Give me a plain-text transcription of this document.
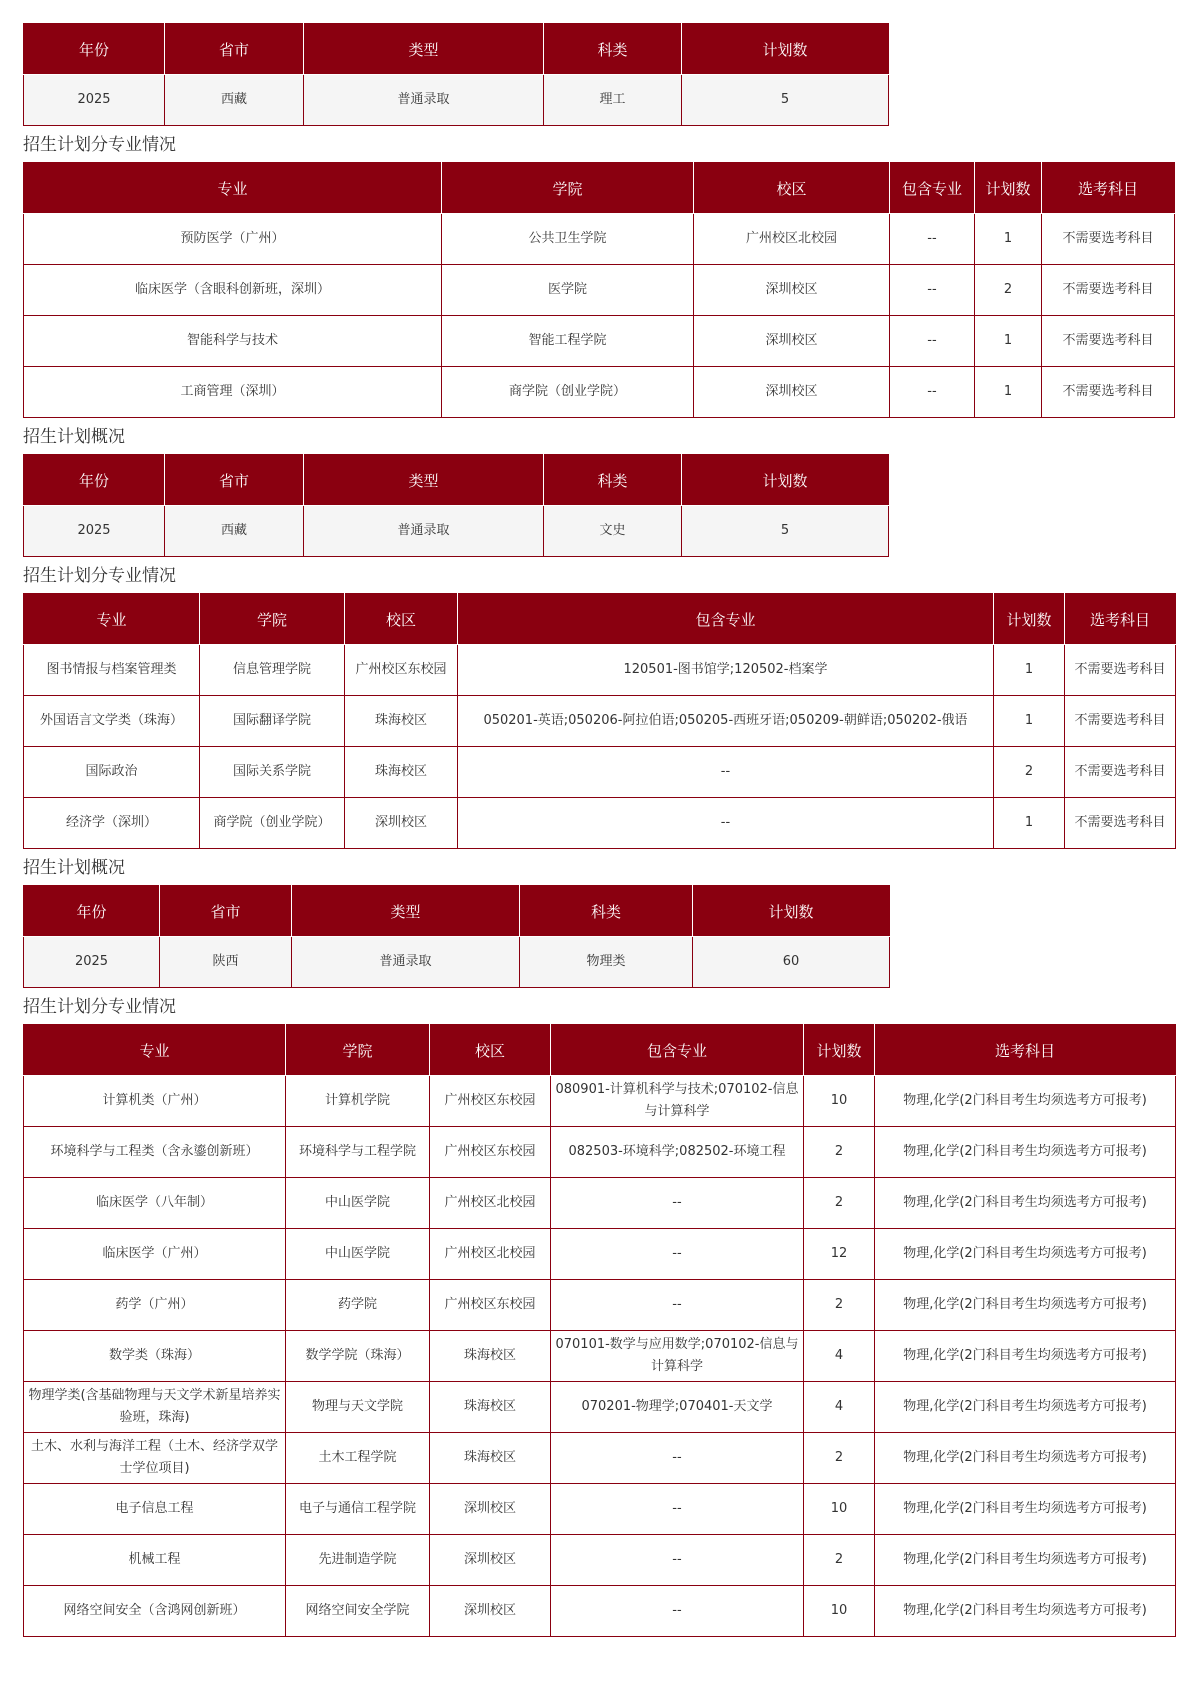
年份	省市	类型	科类	计划数
2025	西藏	普通录取	理工	5
招生计划分专业情况
专业	学院	校区	包含专业	计划数	选考科目
预防医学（广州）	公共卫生学院	广州校区北校园	--	1	不需要选考科目
临床医学（含眼科创新班，深圳）	医学院	深圳校区	--	2	不需要选考科目
智能科学与技术	智能工程学院	深圳校区	--	1	不需要选考科目
工商管理（深圳）	商学院（创业学院）	深圳校区	--	1	不需要选考科目
招生计划概况
年份	省市	类型	科类	计划数
2025	西藏	普通录取	文史	5
招生计划分专业情况
专业	学院	校区	包含专业	计划数	选考科目
图书情报与档案管理类	信息管理学院	广州校区东校园	120501-图书馆学;120502-档案学	1	不需要选考科目
外国语言文学类（珠海）	国际翻译学院	珠海校区	050201-英语;050206-阿拉伯语;050205-西班牙语;050209-朝鲜语;050202-俄语	1	不需要选考科目
国际政治	国际关系学院	珠海校区	--	2	不需要选考科目
经济学（深圳）	商学院（创业学院）	深圳校区	--	1	不需要选考科目
招生计划概况
年份	省市	类型	科类	计划数
2025	陕西	普通录取	物理类	60
招生计划分专业情况
专业	学院	校区	包含专业	计划数	选考科目
计算机类（广州）	计算机学院	广州校区东校园	080901-计算机科学与技术;070102-信息与计算科学	10	物理,化学(2门科目考生均须选考方可报考)
环境科学与工程类（含永鎏创新班）	环境科学与工程学院	广州校区东校园	082503-环境科学;082502-环境工程	2	物理,化学(2门科目考生均须选考方可报考)
临床医学（八年制）	中山医学院	广州校区北校园	--	2	物理,化学(2门科目考生均须选考方可报考)
临床医学（广州）	中山医学院	广州校区北校园	--	12	物理,化学(2门科目考生均须选考方可报考)
药学（广州）	药学院	广州校区东校园	--	2	物理,化学(2门科目考生均须选考方可报考)
数学类（珠海）	数学学院（珠海）	珠海校区	070101-数学与应用数学;070102-信息与计算科学	4	物理,化学(2门科目考生均须选考方可报考)
物理学类(含基础物理与天文学术新星培养实验班，珠海)	物理与天文学院	珠海校区	070201-物理学;070401-天文学	4	物理,化学(2门科目考生均须选考方可报考)
土木、水利与海洋工程（土木、经济学双学士学位项目)	土木工程学院	珠海校区	--	2	物理,化学(2门科目考生均须选考方可报考)
电子信息工程	电子与通信工程学院	深圳校区	--	10	物理,化学(2门科目考生均须选考方可报考)
机械工程	先进制造学院	深圳校区	--	2	物理,化学(2门科目考生均须选考方可报考)
网络空间安全（含鸿网创新班）	网络空间安全学院	深圳校区	--	10	物理,化学(2门科目考生均须选考方可报考)
